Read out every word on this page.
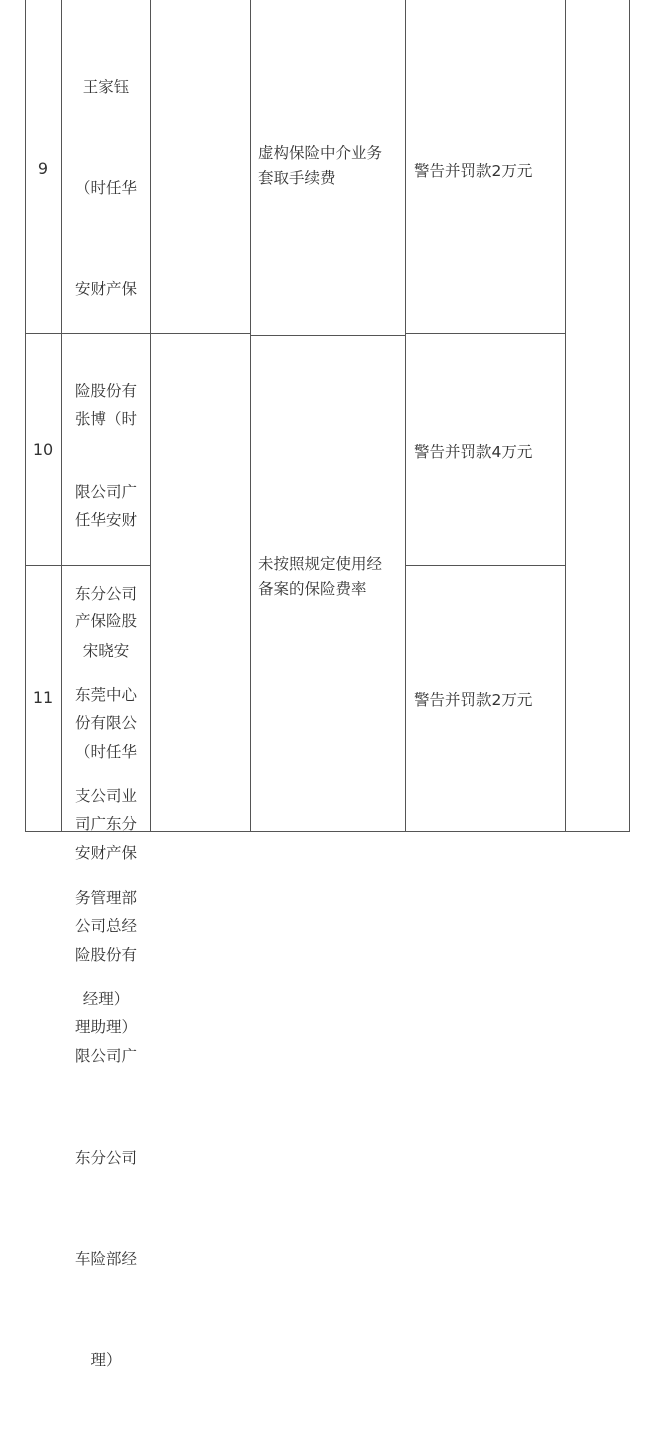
9

王家钰

（时任华

安财产保

险股份有

限公司广

东分公司

东莞中心

支公司业

务管理部

经理）

虚构保险中介业务
套取手续费	警告并罚款2万元
10

张博（时

任华安财

产保险股

份有限公

司广东分

公司总经

理助理）

未按照规定使用经
备案的保险费率
警告并罚款4万元
11

宋晓安

（时任华

安财产保

险股份有

限公司广

东分公司

车险部经

理）

警告并罚款2万元
